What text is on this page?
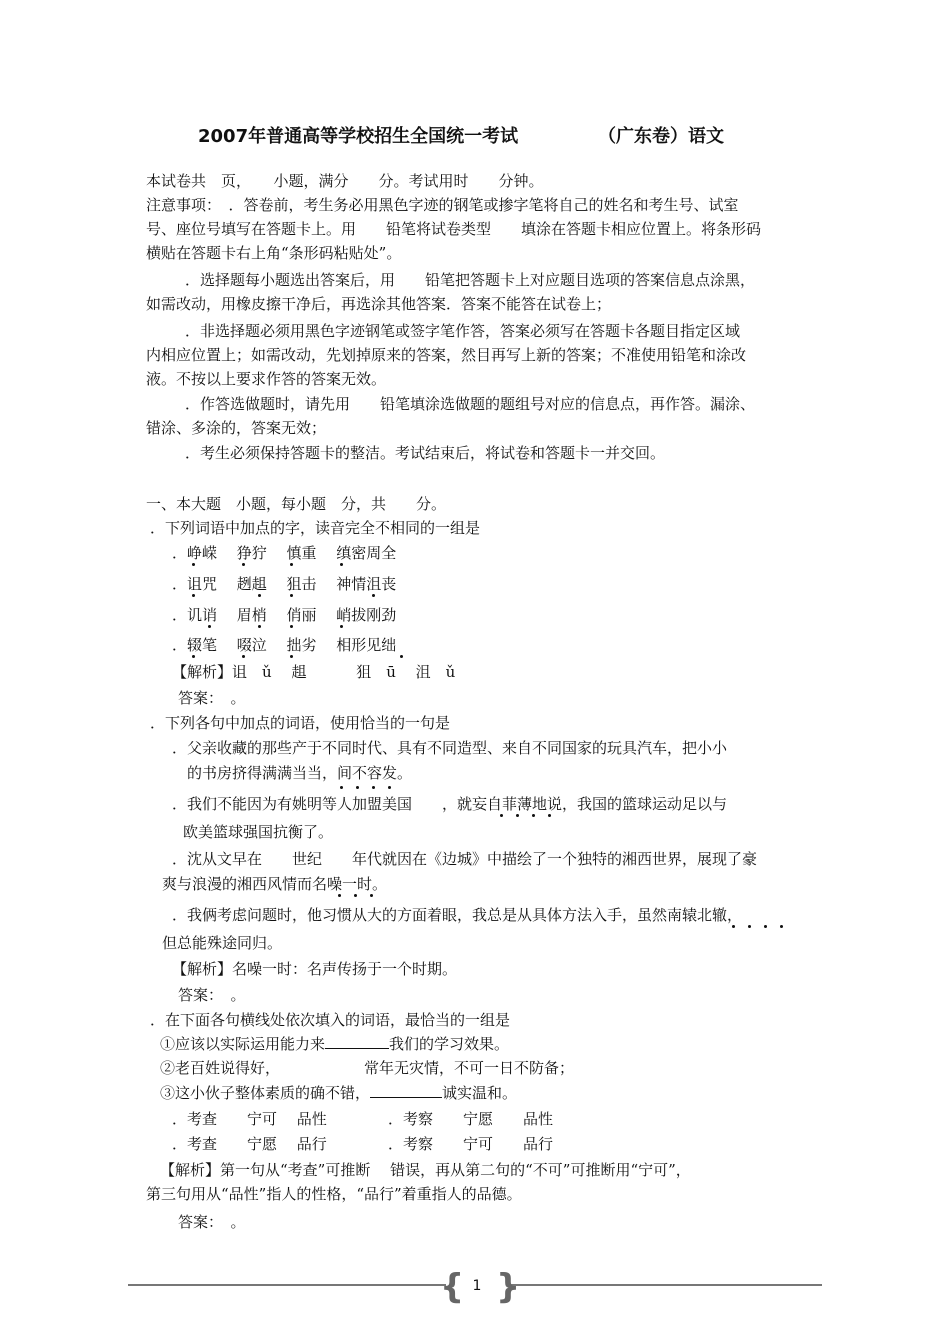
2007年普通高等学校招生全国统一考试	（广东卷）语文
本试卷共　页，　　小题，满分　　分。考试用时　　分钟。
注意事项：　．答卷前，考生务必用黑色字迹的钢笔或掺字笔将自己的姓名和考生号、试室
号、座位号填写在答题卡上。用　　铅笔将试卷类型　　填涂在答题卡相应位置上。将条形码
横贴在答题卡右上角“条形码粘贴处”。
．选择题每小题选出答案后，用　　铅笔把答题卡上对应题目选项的答案信息点涂黑，
如需改动，用橡皮擦干净后，再选涂其他答案．答案不能答在试卷上；
．非选择题必须用黑色字迹钢笔或签字笔作答，答案必须写在答题卡各题目指定区域
内相应位置上；如需改动，先划掉原来的答案，然目再写上新的答案；不准使用铅笔和涂改
液。不按以上要求作答的答案无效。
．作答选做题时，请先用　　铅笔填涂选做题的题组号对应的信息点，再作答。漏涂、
错涂、多涂的，答案无效；
．考生必须保持答题卡的整洁。考试结束后，将试卷和答题卡一并交回。
一、本大题　小题，每小题　分，共　　分。
．下列词语中加点的字，读音完全不相同的一组是
．峥嵘　 狰狞　 慎重　 缜密周全
．诅咒　 趔趄　 狙击　 神情沮丧
．讥诮　 眉梢　 俏丽　 峭拔刚劲
．辍笔　 啜泣　 拙劣　 相形见绌
【解析】诅　ǔ　 趄　　　 狙　ū　 沮　ǔ
答案：　。
．下列各句中加点的词语，使用恰当的一句是
．父亲收藏的那些产于不同时代、具有不同造型、来自不同国家的玩具汽车，把小小
的书房挤得满满当当，间不容发。
．我们不能因为有姚明等人加盟美国　　，就妄自菲薄地说，我国的篮球运动足以与
欧美篮球强国抗衡了。
．沈从文早在　　世纪　　年代就因在《边城》中描绘了一个独特的湘西世界，展现了豪
爽与浪漫的湘西风情而名噪一时。
．我俩考虑问题时，他习惯从大的方面着眼，我总是从具体方法入手，虽然南辕北辙，
但总能殊途同归。
【解析】名噪一时：名声传扬于一个时期。
答案：　。
．在下面各句横线处依次填入的词语，最恰当的一组是
①应该以实际运用能力来	我们的学习效果。
②老百姓说得好，	常年无灾情，不可一日不防备；
③这小伙子整体素质的确不错，	诚实温和。
．考查　　宁可　 品性	．考察　　宁愿　　品性
．考查　　宁愿　 品行	．考察　　宁可　　品行
【解析】第一句从“考查”可推断　 错误，再从第二句的“不可”可推断用“宁可”，
第三句用从“品性”指人的性格，“品行”着重指人的品德。
答案：　。
{ }
1
